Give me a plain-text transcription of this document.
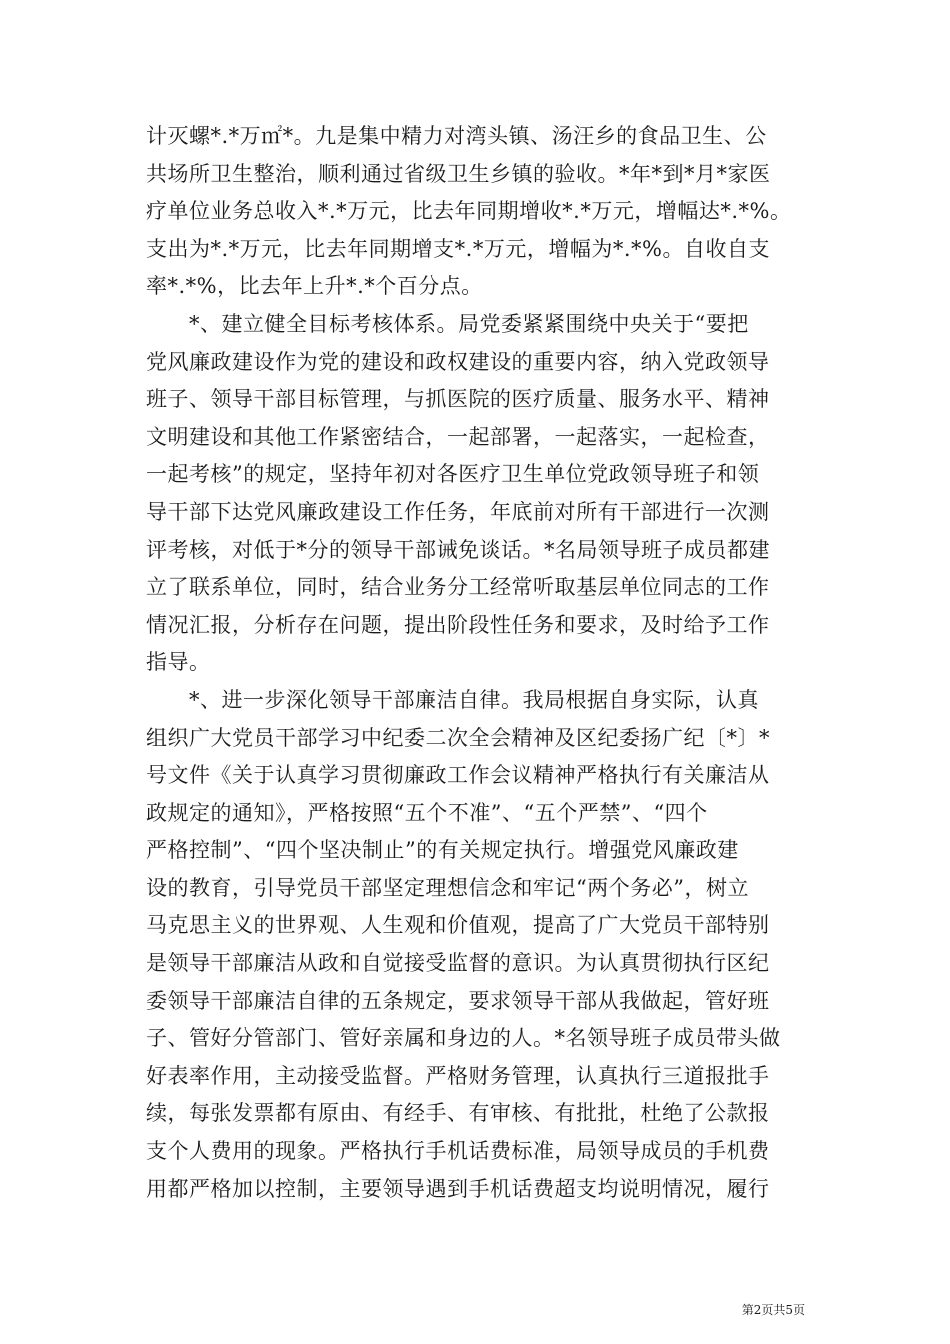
计灭螺*.*万㎡*。九是集中精力对湾头镇、汤汪乡的食品卫生、公
共场所卫生整治，顺利通过省级卫生乡镇的验收。*年*到*月*家医
疗单位业务总收入*.*万元，比去年同期增收*.*万元，增幅达*.*%。
支出为*.*万元，比去年同期增支*.*万元，增幅为*.*%。自收自支
率*.*%，比去年上升*.*个百分点。
　　*、建立健全目标考核体系。局党委紧紧围绕中央关于“要把
党风廉政建设作为党的建设和政权建设的重要内容，纳入党政领导
班子、领导干部目标管理，与抓医院的医疗质量、服务水平、精神
文明建设和其他工作紧密结合，一起部署，一起落实，一起检查，
一起考核”的规定，坚持年初对各医疗卫生单位党政领导班子和领
导干部下达党风廉政建设工作任务，年底前对所有干部进行一次测
评考核，对低于*分的领导干部诫免谈话。*名局领导班子成员都建
立了联系单位，同时，结合业务分工经常听取基层单位同志的工作
情况汇报，分析存在问题，提出阶段性任务和要求，及时给予工作
指导。
　　*、进一步深化领导干部廉洁自律。我局根据自身实际，认真
组织广大党员干部学习中纪委二次全会精神及区纪委扬广纪〔*〕*
号文件《关于认真学习贯彻廉政工作会议精神严格执行有关廉洁从
政规定的通知》，严格按照“五个不准”、“五个严禁”、“四个
严格控制”、“四个坚决制止”的有关规定执行。增强党风廉政建
设的教育，引导党员干部坚定理想信念和牢记“两个务必”，树立
马克思主义的世界观、人生观和价值观，提高了广大党员干部特别
是领导干部廉洁从政和自觉接受监督的意识。为认真贯彻执行区纪
委领导干部廉洁自律的五条规定，要求领导干部从我做起，管好班
子、管好分管部门、管好亲属和身边的人。*名领导班子成员带头做
好表率作用，主动接受监督。严格财务管理，认真执行三道报批手
续，每张发票都有原由、有经手、有审核、有批批，杜绝了公款报
支个人费用的现象。严格执行手机话费标准，局领导成员的手机费
用都严格加以控制，主要领导遇到手机话费超支均说明情况，履行
第2页共5页
